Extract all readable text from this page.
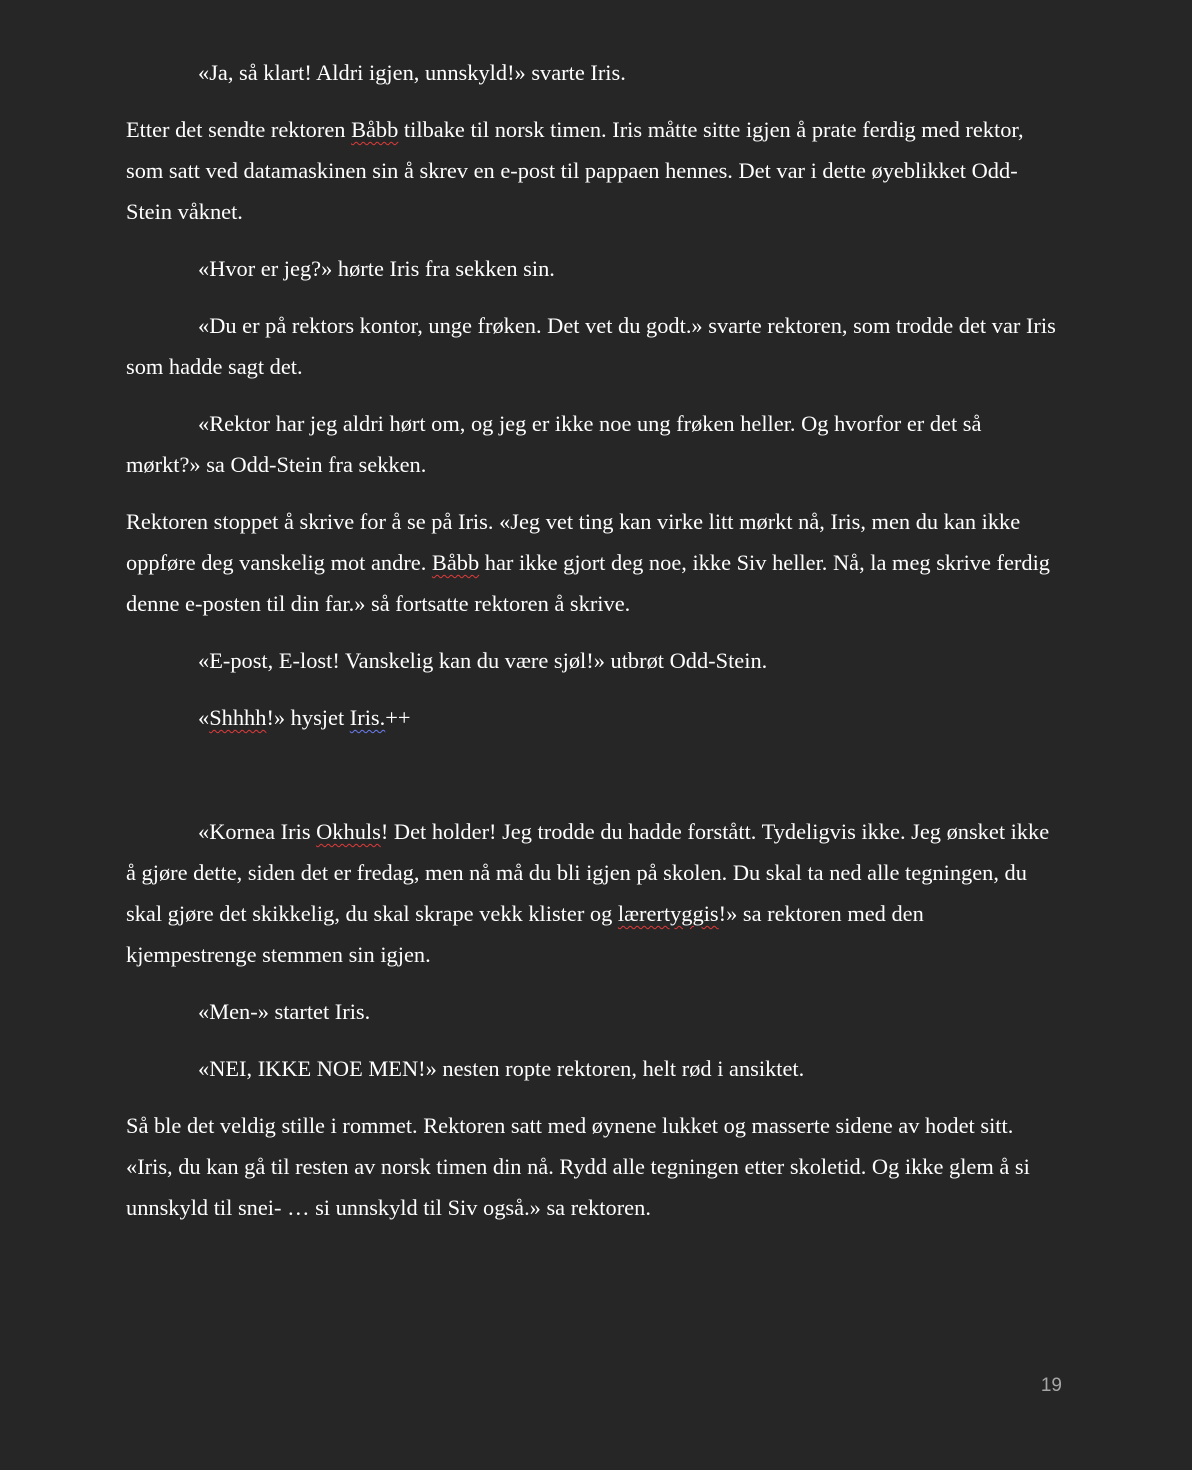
«Ja, så klart! Aldri igjen, unnskyld!» svarte Iris.

Etter det sendte rektoren Båbb tilbake til norsk timen. Iris måtte sitte igjen å prate ferdig med rektor, som satt ved datamaskinen sin å skrev en e-post til pappaen hennes. Det var i dette øyeblikket Odd-Stein våknet.

«Hvor er jeg?» hørte Iris fra sekken sin.

«Du er på rektors kontor, unge frøken. Det vet du godt.» svarte rektoren, som trodde det var Iris som hadde sagt det.

«Rektor har jeg aldri hørt om, og jeg er ikke noe ung frøken heller. Og hvorfor er det så mørkt?» sa Odd-Stein fra sekken.

Rektoren stoppet å skrive for å se på Iris. «Jeg vet ting kan virke litt mørkt nå, Iris, men du kan ikke oppføre deg vanskelig mot andre. Båbb har ikke gjort deg noe, ikke Siv heller. Nå, la meg skrive ferdig denne e-posten til din far.» så fortsatte rektoren å skrive.

«E-post, E-lost! Vanskelig kan du være sjøl!» utbrøt Odd-Stein.

«Shhhh!» hysjet Iris.++

«Kornea Iris Okhuls! Det holder! Jeg trodde du hadde forstått. Tydeligvis ikke. Jeg ønsket ikke å gjøre dette, siden det er fredag, men nå må du bli igjen på skolen. Du skal ta ned alle tegningen, du skal gjøre det skikkelig, du skal skrape vekk klister og lærertyggis!» sa rektoren med den kjempestrenge stemmen sin igjen.

«Men-» startet Iris.

«NEI, IKKE NOE MEN!» nesten ropte rektoren, helt rød i ansiktet.

Så ble det veldig stille i rommet. Rektoren satt med øynene lukket og masserte sidene av hodet sitt. «Iris, du kan gå til resten av norsk timen din nå. Rydd alle tegningen etter skoletid. Og ikke glem å si unnskyld til snei- … si unnskyld til Siv også.» sa rektoren.

19
